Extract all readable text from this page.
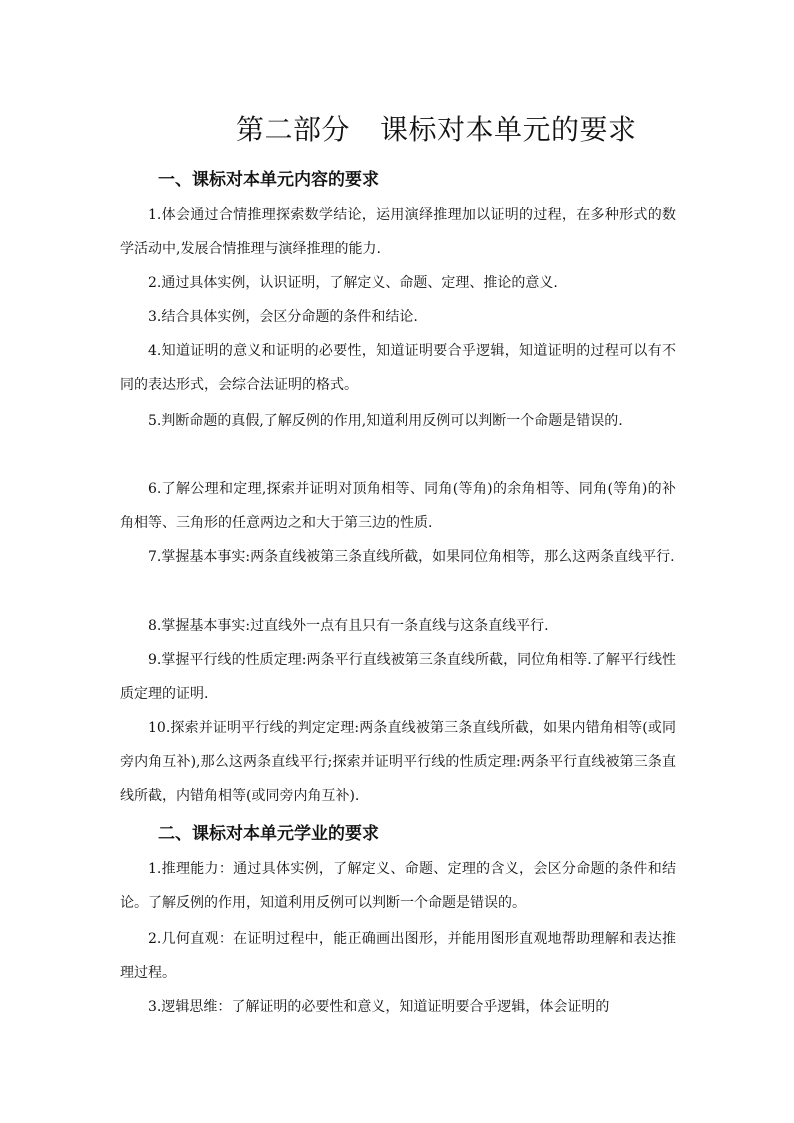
第二部分 课标对本单元的要求
一、课标对本单元内容的要求

1.体会通过合情推理探索数学结论，运用演绎推理加以证明的过程，在多种形式的数学活动中,发展合情推理与演绎推理的能力.

2.通过具体实例，认识证明，了解定义、命题、定理、推论的意义.

3.结合具体实例，会区分命题的条件和结论.

4.知道证明的意义和证明的必要性，知道证明要合乎逻辑，知道证明的过程可以有不同的表达形式，会综合法证明的格式。

5.判断命题的真假,了解反例的作用,知道利用反例可以判断一个命题是错误的.

6.了解公理和定理,探索并证明对顶角相等、同角(等角)的余角相等、同角(等角)的补角相等、三角形的任意两边之和大于第三边的性质.

7.掌握基本事实:两条直线被第三条直线所截，如果同位角相等，那么这两条直线平行.

8.掌握基本事实:过直线外一点有且只有一条直线与这条直线平行.

9.掌握平行线的性质定理:两条平行直线被第三条直线所截，同位角相等.了解平行线性质定理的证明.

10.探索并证明平行线的判定定理:两条直线被第三条直线所截，如果内错角相等(或同旁内角互补),那么这两条直线平行;探索并证明平行线的性质定理:两条平行直线被第三条直线所截，内错角相等(或同旁内角互补).

二、课标对本单元学业的要求

1.推理能力：通过具体实例，了解定义、命题、定理的含义，会区分命题的条件和结论。了解反例的作用，知道利用反例可以判断一个命题是错误的。

2.几何直观：在证明过程中，能正确画出图形，并能用图形直观地帮助理解和表达推理过程。

3.逻辑思维：了解证明的必要性和意义，知道证明要合乎逻辑，体会证明的
